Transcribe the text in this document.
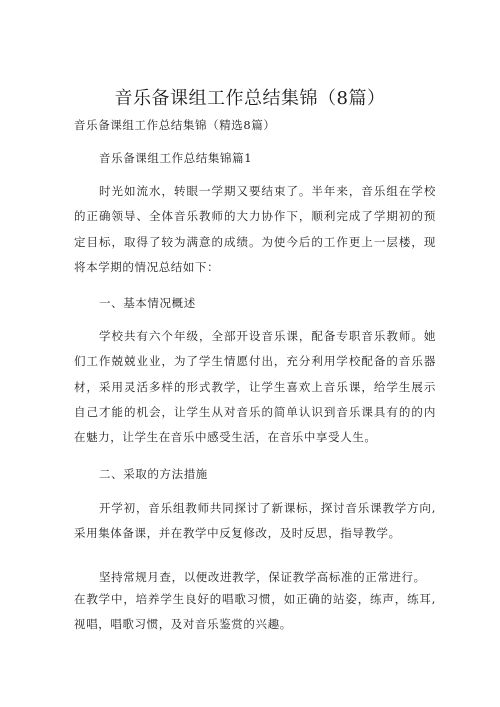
音乐备课组工作总结集锦（8篇）
音乐备课组工作总结集锦（精选8篇）
音乐备课组工作总结集锦篇1

时光如流水，转眼一学期又要结束了。半年来，音乐组在学校的正确领导、全体音乐教师的大力协作下，顺利完成了学期初的预定目标，取得了较为满意的成绩。为使今后的工作更上一层楼，现将本学期的情况总结如下：

一、基本情况概述

学校共有六个年级，全部开设音乐课，配备专职音乐教师。她们工作兢兢业业，为了学生情愿付出，充分利用学校配备的音乐器材，采用灵活多样的形式教学，让学生喜欢上音乐课，给学生展示自己才能的机会，让学生从对音乐的简单认识到音乐课具有的的内在魅力，让学生在音乐中感受生活，在音乐中享受人生。

二、采取的方法措施

开学初，音乐组教师共同探讨了新课标，探讨音乐课教学方向,采用集体备课，并在教学中反复修改，及时反思，指导教学。

坚持常规月查，以便改进教学，保证教学高标准的正常进行。

在教学中，培养学生良好的唱歌习惯，如正确的站姿，练声，练耳,视唱，唱歌习惯，及对音乐鉴赏的兴趣。
